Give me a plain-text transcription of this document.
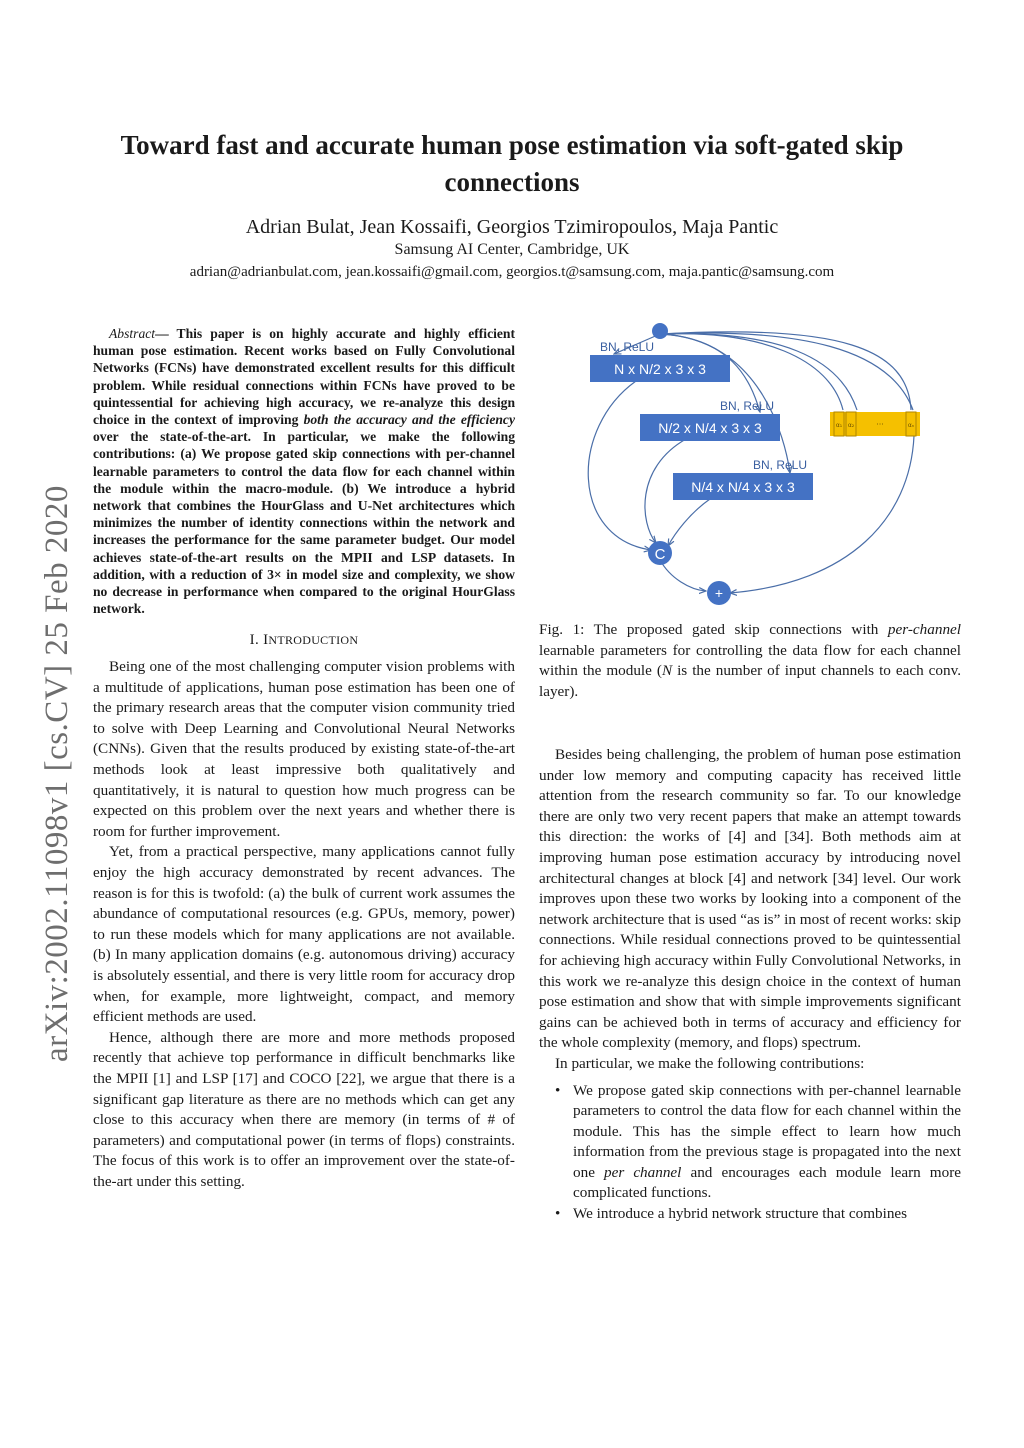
arXiv:2002.11098v1 [cs.CV] 25 Feb 2020
Toward fast and accurate human pose estimation via soft-gated skip connections
Adrian Bulat, Jean Kossaifi, Georgios Tzimiropoulos, Maja Pantic
Samsung AI Center, Cambridge, UK
adrian@adrianbulat.com, jean.kossaifi@gmail.com, georgios.t@samsung.com, maja.pantic@samsung.com

Abstract— This paper is on highly accurate and highly efficient human pose estimation. Recent works based on Fully Convolutional Networks (FCNs) have demonstrated excellent results for this difficult problem. While residual connections within FCNs have proved to be quintessential for achieving high accuracy, we re-analyze this design choice in the context of improving both the accuracy and the efficiency over the state-of-the-art. In particular, we make the following contributions: (a) We propose gated skip connections with per-channel learnable parameters to control the data flow for each channel within the module within the macro-module. (b) We introduce a hybrid network that combines the HourGlass and U-Net architectures which minimizes the number of identity connections within the network and increases the performance for the same parameter budget. Our model achieves state-of-the-art results on the MPII and LSP datasets. In addition, with a reduction of 3× in model size and complexity, we show no decrease in performance when compared to the original HourGlass network.

I. INTRODUCTION

Being one of the most challenging computer vision problems with a multitude of applications, human pose estimation has been one of the primary research areas that the computer vision community tried to solve with Deep Learning and Convolutional Neural Networks (CNNs). Given that the results produced by existing state-of-the-art methods look at least impressive both qualitatively and quantitatively, it is natural to question how much progress can be expected on this problem over the next years and whether there is room for further improvement.

Yet, from a practical perspective, many applications cannot fully enjoy the high accuracy demonstrated by recent advances. The reason is for this is twofold: (a) the bulk of current work assumes the abundance of computational resources (e.g. GPUs, memory, power) to run these models which for many applications are not available. (b) In many application domains (e.g. autonomous driving) accuracy is absolutely essential, and there is very little room for accuracy drop when, for example, more lightweight, compact, and memory efficient methods are used.

Hence, although there are more and more methods proposed recently that achieve top performance in difficult benchmarks like the MPII [1] and LSP [17] and COCO [22], we argue that there is a significant gap literature as there are no methods which can get any close to this accuracy when there are memory (in terms of # of parameters) and computational power (in terms of flops) constraints. The focus of this work is to offer an improvement over the state-of-the-art under this setting.

BN, ReLU
N x N/2 x 3 x 3
BN, ReLU
N/2 x N/4 x 3 x 3
BN, ReLU
N/4 x N/4 x 3 x 3
α₁ α₂	···	αₙ
C
+

Fig. 1: The proposed gated skip connections with per-channel learnable parameters for controlling the data flow for each channel within the module (N is the number of input channels to each conv. layer).

Besides being challenging, the problem of human pose estimation under low memory and computing capacity has received little attention from the research community so far. To our knowledge there are only two very recent papers that make an attempt towards this direction: the works of [4] and [34]. Both methods aim at improving human pose estimation accuracy by introducing novel architectural changes at block [4] and network [34] level. Our work improves upon these two works by looking into a component of the network architecture that is used “as is” in most of recent works: skip connections. While residual connections proved to be quintessential for achieving high accuracy within Fully Convolutional Networks, in this work we re-analyze this design choice in the context of human pose estimation and show that with simple improvements significant gains can be achieved both in terms of accuracy and efficiency for the whole complexity (memory, and flops) spectrum.

In particular, we make the following contributions:

• We propose gated skip connections with per-channel learnable parameters to control the data flow for each channel within the module. This has the simple effect to learn how much information from the previous stage is propagated into the next one per channel and encourages each module learn more complicated functions.
• We introduce a hybrid network structure that combines
